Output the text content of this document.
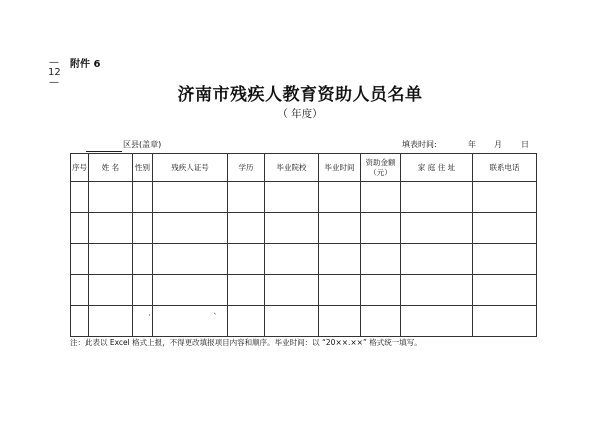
—
12
—
附件 6
济南市残疾人教育资助人员名单
（ 年度）
区县(盖章)	填表时间:	年 月 日
序号	姓 名	性别	残疾人证号	学历	毕业院校	毕业时间	资助金额（元）	家 庭 住 址	联系电话

·	`
注：此表以 Excel 格式上报，不得更改填报项目内容和顺序。毕业时间：以 “20××.××” 格式统一填写。
